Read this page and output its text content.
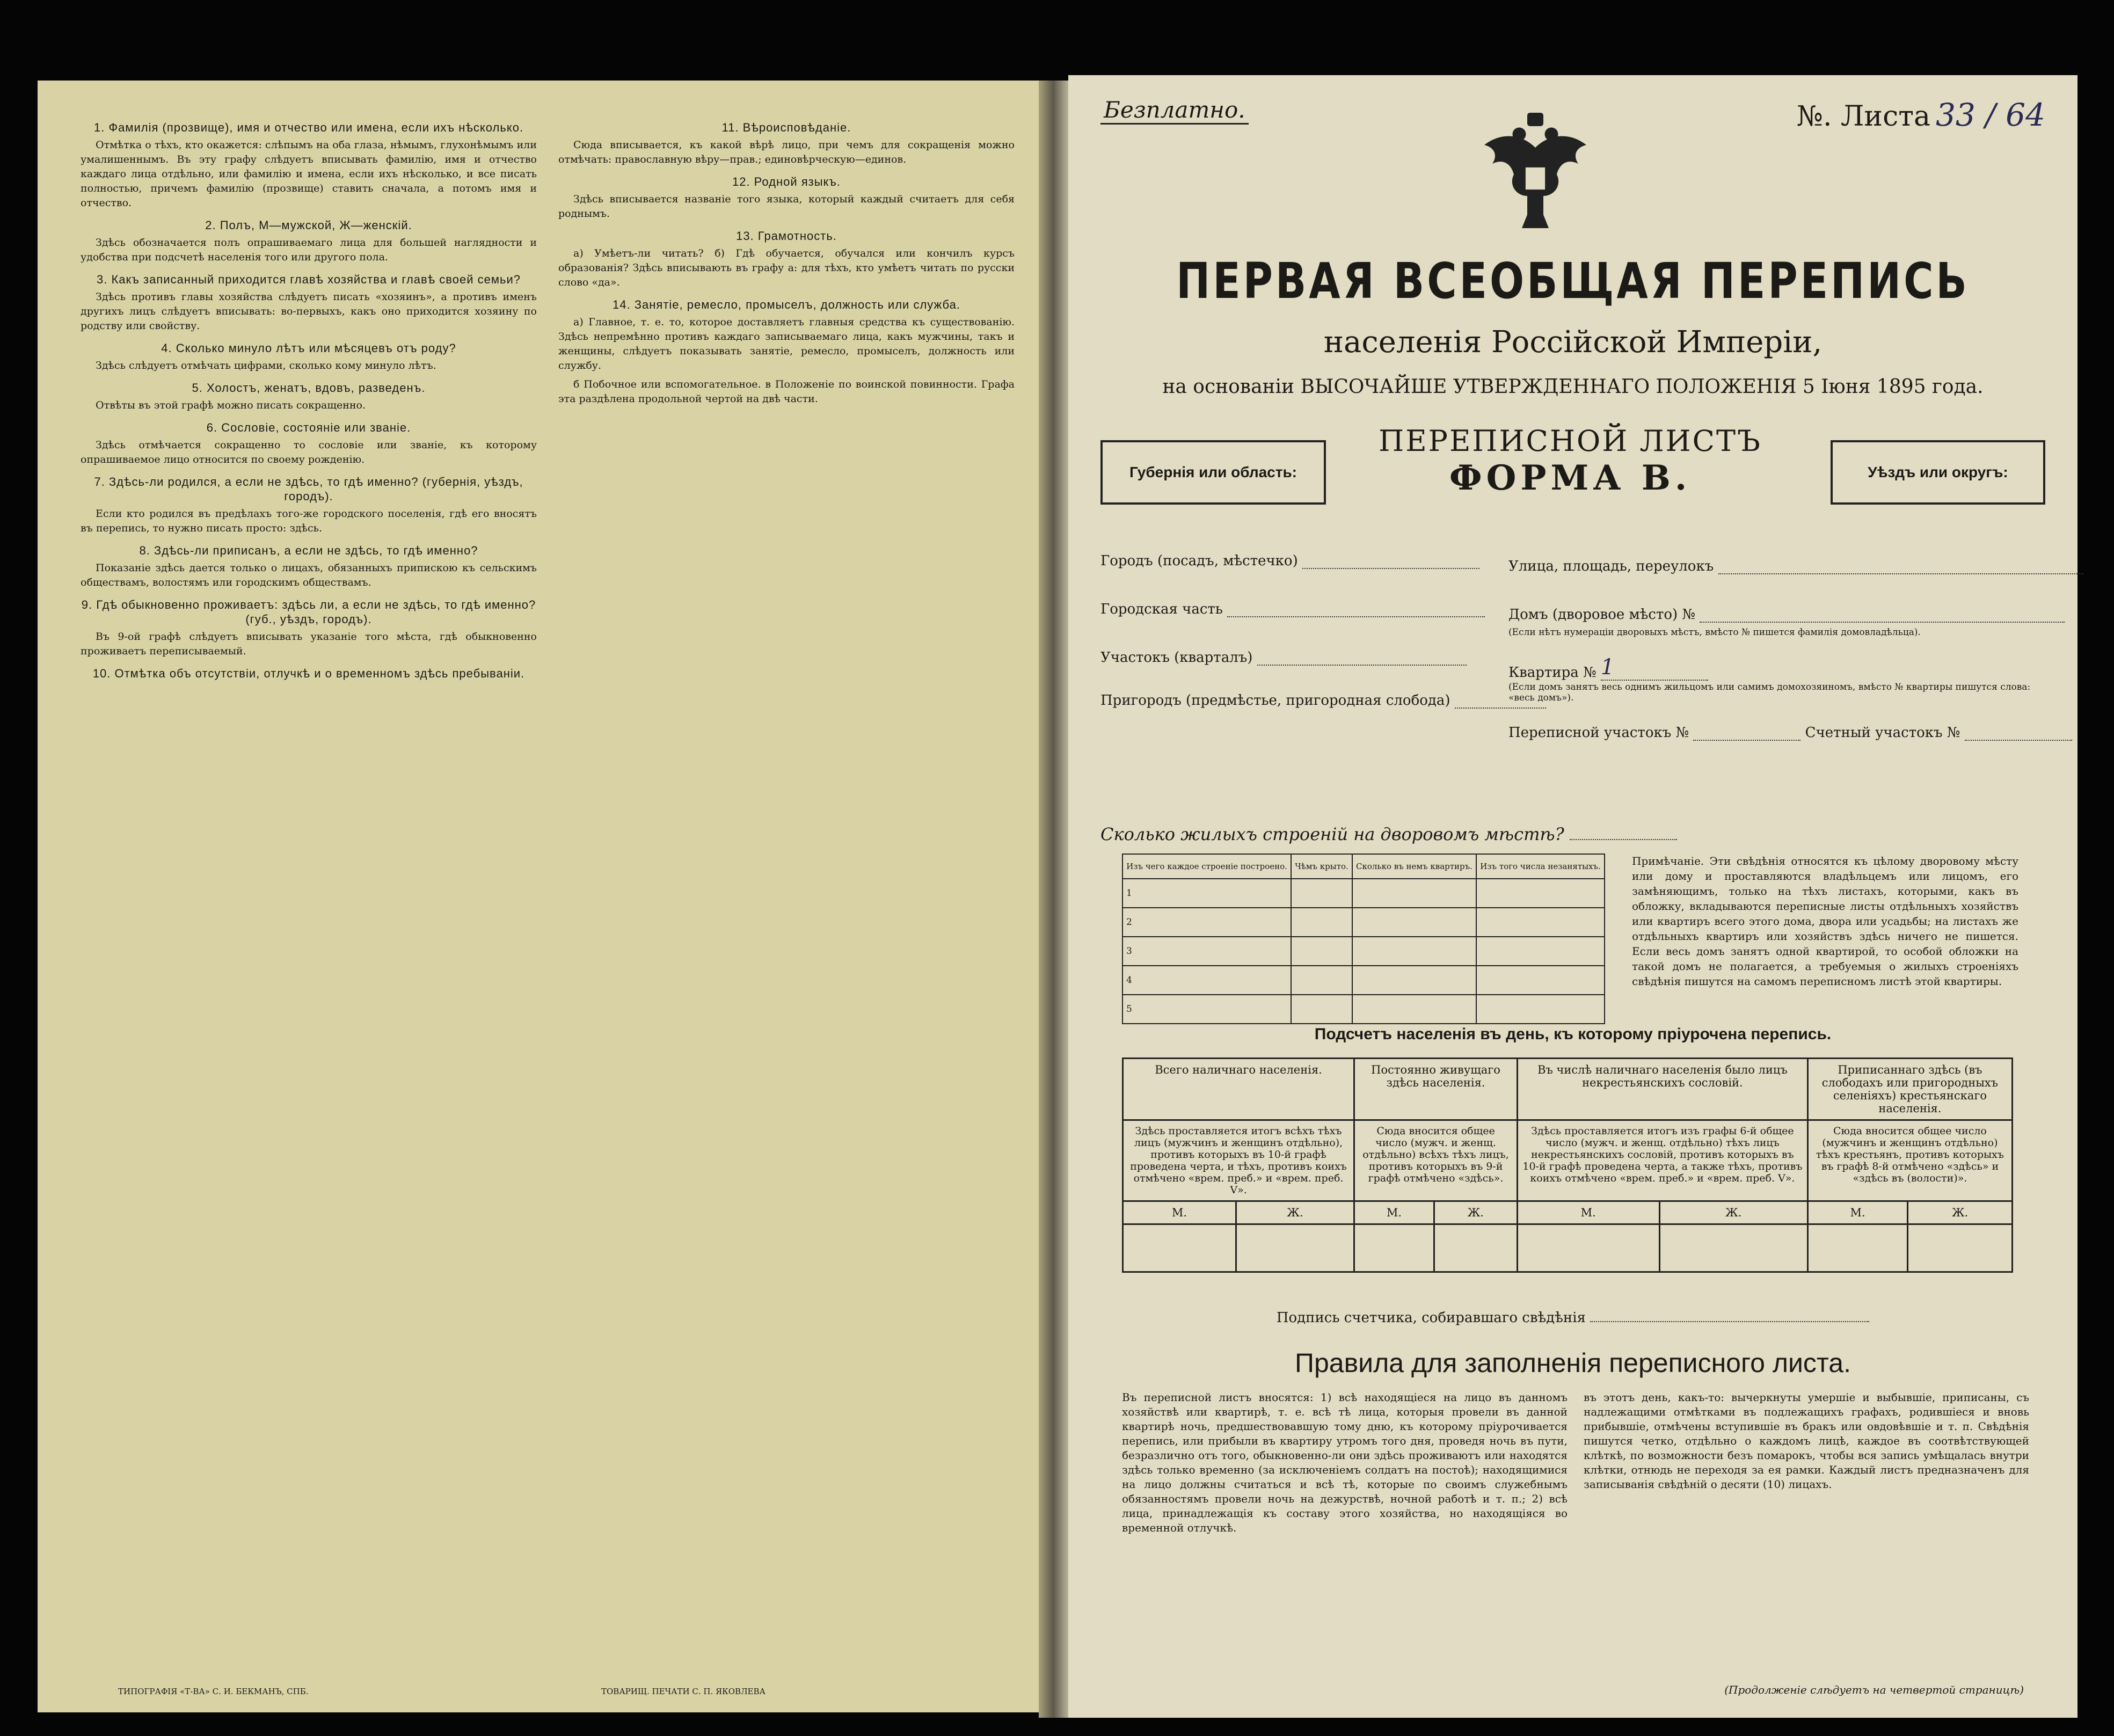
1. Фамилія (прозвище), имя и отчество или имена, если ихъ нѣсколько.

Отмѣтка о тѣхъ, кто окажется: слѣпымъ на оба глаза, нѣмымъ, глухонѣмымъ или умалишеннымъ. Въ эту графу слѣдуетъ вписывать фамилію, имя и отчество каждаго лица отдѣльно, или фамилію и имена, если ихъ нѣсколько, и все писать полностью, причемъ фамилію (прозвище) ставить сначала, а потомъ имя и отчество.

2. Полъ, М—мужской, Ж—женскій.

Здѣсь обозначается полъ опрашиваемаго лица для большей наглядности и удобства при подсчетѣ населенія того или другого пола.

3. Какъ записанный приходится главѣ хозяйства и главѣ своей семьи?

Здѣсь противъ главы хозяйства слѣдуетъ писать «хозяинъ», а противъ именъ другихъ лицъ слѣдуетъ вписывать: во-первыхъ, какъ оно приходится хозяину по родству или свойству.

4. Сколько минуло лѣтъ или мѣсяцевъ отъ роду?

Здѣсь слѣдуетъ отмѣчать цифрами, сколько кому минуло лѣтъ.

5. Холостъ, женатъ, вдовъ, разведенъ.

Отвѣты въ этой графѣ можно писать сокращенно.

6. Сословіе, состояніе или званіе.

Здѣсь отмѣчается сокращенно то сословіе или званіе, къ которому опрашиваемое лицо относится по своему рожденію.

7. Здѣсь-ли родился, а если не здѣсь, то гдѣ именно? (губернія, уѣздъ, городъ).

Если кто родился въ предѣлахъ того-же городского поселенія, гдѣ его вносятъ въ перепись, то нужно писать просто: здѣсь.

8. Здѣсь-ли приписанъ, а если не здѣсь, то гдѣ именно?

Показаніе здѣсь дается только о лицахъ, обязанныхъ припискою къ сельскимъ обществамъ, волостямъ или городскимъ обществамъ.

9. Гдѣ обыкновенно проживаетъ: здѣсь ли, а если не здѣсь, то гдѣ именно? (губ., уѣздъ, городъ).

Въ 9-ой графѣ слѣдуетъ вписывать указаніе того мѣста, гдѣ обыкновенно проживаетъ переписываемый.

10. Отмѣтка объ отсутствіи, отлучкѣ и о временномъ здѣсь пребываніи.
11. Вѣроисповѣданіе.

Сюда вписывается, къ какой вѣрѣ лицо, при чемъ для сокращенія можно отмѣчать: православную вѣру—прав.; единовѣрческую—единов.

12. Родной языкъ.

Здѣсь вписывается названіе того языка, который каждый считаетъ для себя роднымъ.

13. Грамотность.

а) Умѣетъ-ли читать? б) Гдѣ обучается, обучался или кончилъ курсъ образованія? Здѣсь вписывають въ графу а: для тѣхъ, кто умѣетъ читать по русски слово «да».

14. Занятіе, ремесло, промыселъ, должность или служба.

а) Главное, т. е. то, которое доставляетъ главныя средства къ существованію. Здѣсь непремѣнно противъ каждаго записываемаго лица, какъ мужчины, такъ и женщины, слѣдуетъ показывать занятіе, ремесло, промыселъ, должность или службу.

б Побочное или вспомогательное. в Положеніе по воинской повинности. Графа эта раздѣлена продольной чертой на двѣ части.

ТИПОГРАФІЯ «Т-ВА» С. И. БЕКМАНЪ, СПБ.	ТОВАРИЩ. ПЕЧАТИ С. П. ЯКОВЛЕВА
Безплатно.	№. Листа 33 / 64
ПЕРВАЯ ВСЕОБЩАЯ ПЕРЕПИСЬ
населенія Россійской Имперіи,
на основаніи ВЫСОЧАЙШЕ УТВЕРЖДЕННАГО ПОЛОЖЕНІЯ 5 Іюня 1895 года.
Губернія или область:
ПЕРЕПИСНОЙ ЛИСТЪ
ФОРМА В.	Уѣздъ или округъ:
Городъ (посадъ, мѣстечко)
Городская часть
Участокъ (кварталъ)
Пригородъ (предмѣстье, пригородная слобода)
Улица, площадь, переулокъ
Домъ (дворовое мѣсто) №
(Если нѣтъ нумераціи дворовыхъ мѣстъ, вмѣсто № пишется фамилія домовладѣльца).
Квартира № 1
(Если домъ занятъ весь однимъ жильцомъ или самимъ домохозяиномъ, вмѣсто № квартиры пишутся слова: «весь домъ»).
Переписной участокъ №	Счетный участокъ №
Сколько жилыхъ строеній на дворовомъ мѣстѣ?
Изъ чего каждое строеніе построено.	Чѣмъ крыто.	Сколько въ немъ квартиръ.	Изъ того числа незанятыхъ.
1			
2			
3			
4			
5			
Примѣчаніе. Эти свѣдѣнія относятся къ цѣлому дворовому мѣсту или дому и проставляются владѣльцемъ или лицомъ, его замѣняющимъ, только на тѣхъ листахъ, которыми, какъ въ обложку, вкладываются переписные листы отдѣльныхъ хозяйствъ или квартиръ всего этого дома, двора или усадьбы; на листахъ же отдѣльныхъ квартиръ или хозяйствъ здѣсь ничего не пишется. Если весь домъ занятъ одной квартирой, то особой обложки на такой домъ не полагается, а требуемыя о жилыхъ строеніяхъ свѣдѣнія пишутся на самомъ переписномъ листѣ этой квартиры.
Подсчетъ населенія въ день, къ которому пріурочена перепись.
Всего наличнаго населенія.		Постоянно живущаго здѣсь населенія.		Въ числѣ наличнаго населенія было лицъ некрестьянскихъ сословій.		Приписаннаго здѣсь (въ слободахъ или пригородныхъ селеніяхъ) крестьянскаго населенія.	
Здѣсь проставляется итогъ всѣхъ тѣхъ лицъ (мужчинъ и женщинъ отдѣльно), противъ которыхъ въ 10-й графѣ проведена черта, и тѣхъ, противъ коихъ отмѣчено «врем. преб.» и «врем. преб. V».		Сюда вносится общее число (мужч. и женщ. отдѣльно) всѣхъ тѣхъ лицъ, противъ которыхъ въ 9-й графѣ отмѣчено «здѣсь».		Здѣсь проставляется итогъ изъ графы 6-й общее число (мужч. и женщ. отдѣльно) тѣхъ лицъ некрестьянскихъ сословій, противъ которыхъ въ 10-й графѣ проведена черта, а также тѣхъ, противъ коихъ отмѣчено «врем. преб.» и «врем. преб. V».		Сюда вносится общее число (мужчинъ и женщинъ отдѣльно) тѣхъ крестьянъ, противъ которыхъ въ графѣ 8-й отмѣчено «здѣсь» и «здѣсь въ (волости)».	
М.	Ж.	М.	Ж.	М.	Ж.	М.	Ж.

Подпись счетчика, собиравшаго свѣдѣнія
Правила для заполненія переписного листа.
Въ переписной листъ вносятся: 1) всѣ находящіеся на лицо въ данномъ хозяйствѣ или квартирѣ, т. е. всѣ тѣ лица, которыя провели въ данной квартирѣ ночь, предшествовавшую тому дню, къ которому пріурочивается перепись, или прибыли въ квартиру утромъ того дня, проведя ночь въ пути, безразлично отъ того, обыкновенно-ли они здѣсь проживаютъ или находятся здѣсь только временно (за исключеніемъ солдатъ на постоѣ); находящимися на лицо должны считаться и всѣ тѣ, которые по своимъ служебнымъ обязанностямъ провели ночь на дежурствѣ, ночной работѣ и т. п.; 2) всѣ лица, принадлежащія къ составу этого хозяйства, но находящіяся во временной отлучкѣ.
въ этотъ день, какъ-то: вычеркнуты умершіе и выбывшіе, приписаны, съ надлежащими отмѣтками въ подлежащихъ графахъ, родившіеся и вновь прибывшіе, отмѣчены вступившіе въ бракъ или овдовѣвшіе и т. п. Свѣдѣнія пишутся четко, отдѣльно о каждомъ лицѣ, каждое въ соотвѣтствующей клѣткѣ, по возможности безъ помарокъ, чтобы вся запись умѣщалась внутри клѣтки, отнюдь не переходя за ея рамки. Каждый листъ предназначенъ для записыванія свѣдѣній о десяти (10) лицахъ.
(Продолженіе слѣдуетъ на четвертой страницѣ)
